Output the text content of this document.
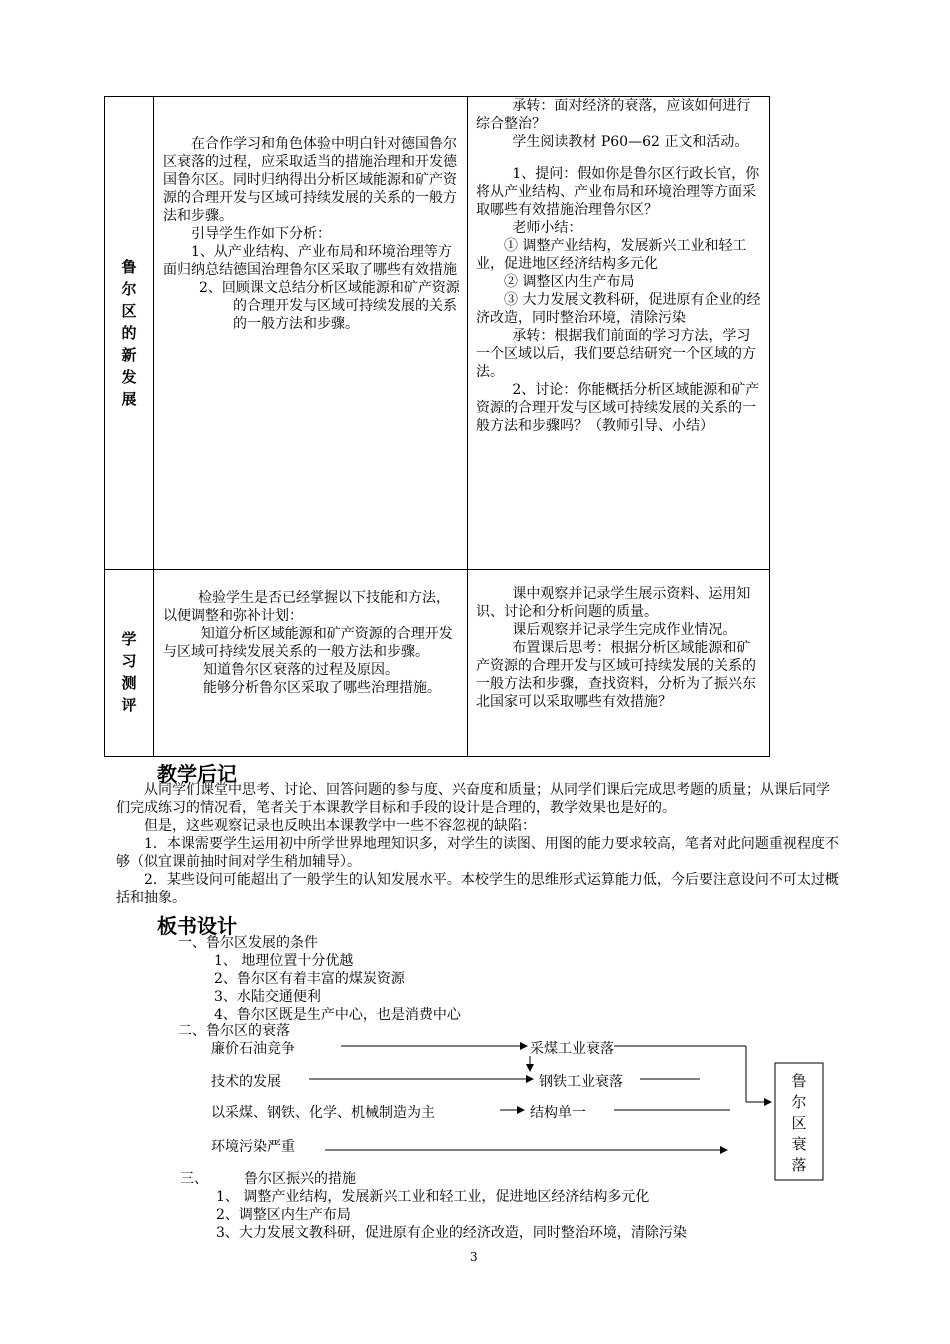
鲁尔区的新发展

在合作学习和角色体验中明白针对德国鲁尔区衰落的过程，应采取适当的措施治理和开发德国鲁尔区。同时归纳得出分析区域能源和矿产资源的合理开发与区域可持续发展的关系的一般方法和步骤。

引导学生作如下分析：

1、从产业结构、产业布局和环境治理等方面归纳总结德国治理鲁尔区采取了哪些有效措施

2、回顾课文总结分析区域能源和矿产资源的合理开发与区域可持续发展的关系的一般方法和步骤。

承转：面对经济的衰落，应该如何进行综合整治？

学生阅读教材 P60—62 正文和活动。

1、提问：假如你是鲁尔区行政长官，你将从产业结构、产业布局和环境治理等方面采取哪些有效措施治理鲁尔区？

老师小结：

① 调整产业结构，发展新兴工业和轻工业，促进地区经济结构多元化

② 调整区内生产布局

③ 大力发展文教科研，促进原有企业的经济改造，同时整治环境，清除污染

承转：根据我们前面的学习方法，学习一个区域以后，我们要总结研究一个区域的方法。

2、讨论：你能概括分析区域能源和矿产资源的合理开发与区域可持续发展的关系的一般方法和步骤吗？（教师引导、小结）

学习测评

检验学生是否已经掌握以下技能和方法，以便调整和弥补计划：

知道分析区域能源和矿产资源的合理开发与区域可持续发展关系的一般方法和步骤。

知道鲁尔区衰落的过程及原因。

能够分析鲁尔区采取了哪些治理措施。

课中观察并记录学生展示资料、运用知识、讨论和分析问题的质量。

课后观察并记录学生完成作业情况。

布置课后思考：根据分析区域能源和矿产资源的合理开发与区域可持续发展的关系的一般方法和步骤，查找资料，分析为了振兴东北国家可以采取哪些有效措施？

教学后记

从同学们课堂中思考、讨论、回答问题的参与度、兴奋度和质量；从同学们课后完成思考题的质量；从课后同学们完成练习的情况看，笔者关于本课教学目标和手段的设计是合理的，教学效果也是好的。

但是，这些观察记录也反映出本课教学中一些不容忽视的缺陷：

1．本课需要学生运用初中所学世界地理知识多，对学生的读图、用图的能力要求较高，笔者对此问题重视程度不够（似宜课前抽时间对学生稍加辅导）。

2．某些设问可能超出了一般学生的认知发展水平。本校学生的思维形式运算能力低，今后要注意设问不可太过概括和抽象。

板书设计

一、鲁尔区发展的条件

1、 地理位置十分优越

2、鲁尔区有着丰富的煤炭资源

3、水陆交通便利

4、鲁尔区既是生产中心，也是消费中心

二、鲁尔区的衰落
廉价石油竞争
技术的发展
以采煤、钢铁、化学、机械制造为主
环境污染严重
采煤工业衰落
钢铁工业衰落
结构单一
鲁尔区衰落

三、	鲁尔区振兴的措施

1、 调整产业结构，发展新兴工业和轻工业，促进地区经济结构多元化

2、调整区内生产布局

3、大力发展文教科研，促进原有企业的经济改造，同时整治环境，清除污染

3
